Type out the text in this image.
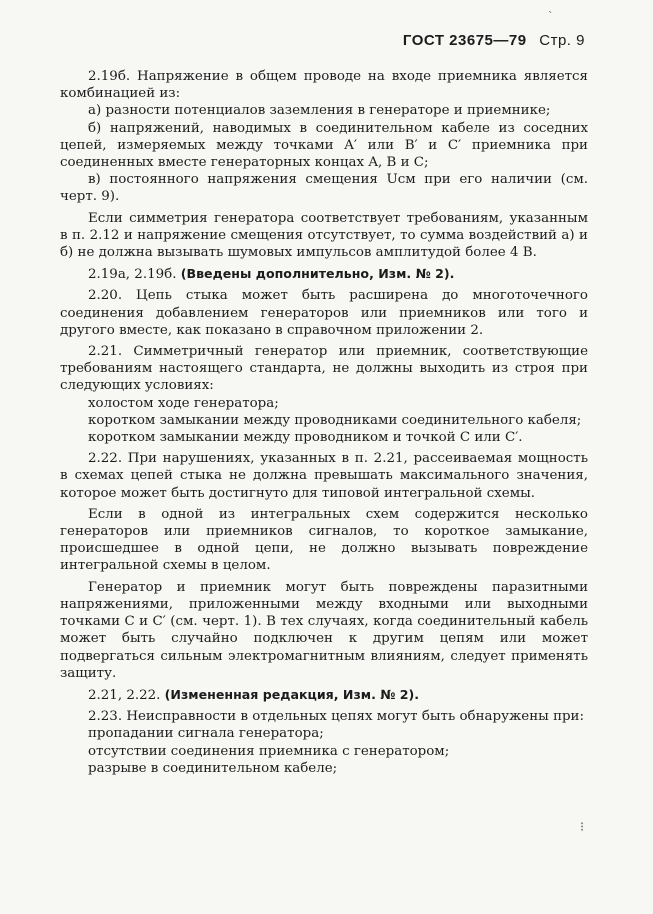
`
ГОСТ 23675—79 Стр. 9

2.19б. Напряжение в общем проводе на входе приемника является комбинацией из:

а) разности потенциалов заземления в генераторе и приемнике;

б) напряжений, наводимых в соединительном кабеле из соседних цепей, измеряемых между точками A′ или B′ и C′ приемника при соединенных вместе генераторных концах A, B и C;

в) постоянного напряжения смещения Uсм при его наличии (см. черт. 9).

Если симметрия генератора соответствует требованиям, указанным в п. 2.12 и напряжение смещения отсутствует, то сумма воздействий а) и б) не должна вызывать шумовых импульсов амплитудой более 4 В.

2.19а, 2.19б. (Введены дополнительно, Изм. № 2).

2.20. Цепь стыка может быть расширена до многоточечного соединения добавлением генераторов или приемников или того и другого вместе, как показано в справочном приложении 2.

2.21. Симметричный генератор или приемник, соответствующие требованиям настоящего стандарта, не должны выходить из строя при следующих условиях:

холостом ходе генератора;

коротком замыкании между проводниками соединительного кабеля;

коротком замыкании между проводником и точкой C или C′.

2.22. При нарушениях, указанных в п. 2.21, рассеиваемая мощность в схемах цепей стыка не должна превышать максимального значения, которое может быть достигнуто для типовой интегральной схемы.

Если в одной из интегральных схем содержится несколько генераторов или приемников сигналов, то короткое замыкание, происшедшее в одной цепи, не должно вызывать повреждение интегральной схемы в целом.

Генератор и приемник могут быть повреждены паразитными напряжениями, приложенными между входными или выходными точками C и C′ (см. черт. 1). В тех случаях, когда соединительный кабель может быть случайно подключен к другим цепям или может подвергаться сильным электромагнитным влияниям, следует применять защиту.

2.21, 2.22. (Измененная редакция, Изм. № 2).

2.23. Неисправности в отдельных цепях могут быть обнаружены при:

пропадании сигнала генератора;

отсутствии соединения приемника с генератором;

разрыве в соединительном кабеле;

⁝
